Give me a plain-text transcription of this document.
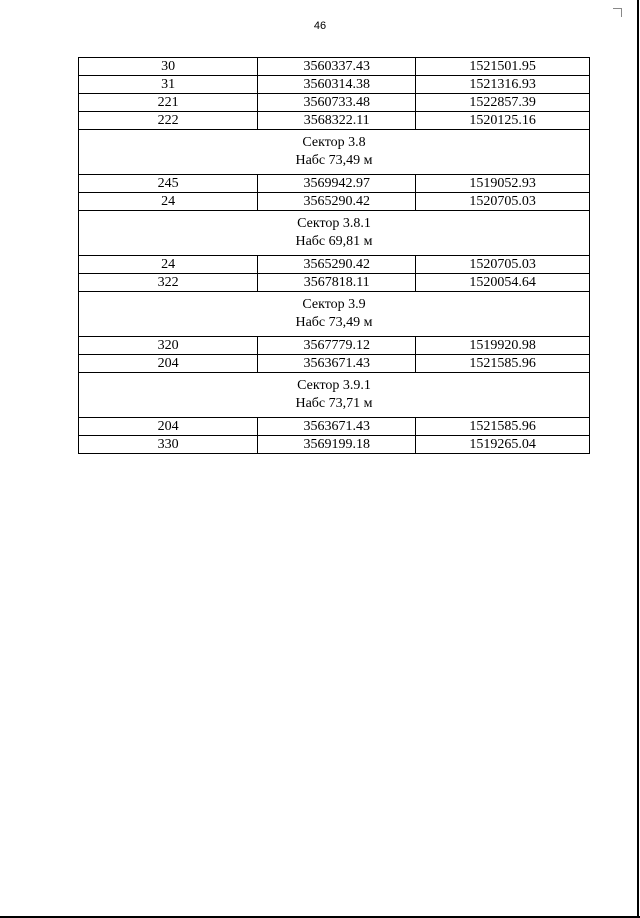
46
30	3560337.43	1521501.95
31	3560314.38	1521316.93
221	3560733.48	1522857.39
222	3568322.11	1520125.16

Сектор 3.8
Набс 73,49 м		

245	3569942.97	1519052.93
24	3565290.42	1520705.03

Сектор 3.8.1
Набс 69,81 м		

24	3565290.42	1520705.03
322	3567818.11	1520054.64

Сектор 3.9
Набс 73,49 м		

320	3567779.12	1519920.98
204	3563671.43	1521585.96

Сектор 3.9.1
Набс 73,71 м		

204	3563671.43	1521585.96
330	3569199.18	1519265.04
